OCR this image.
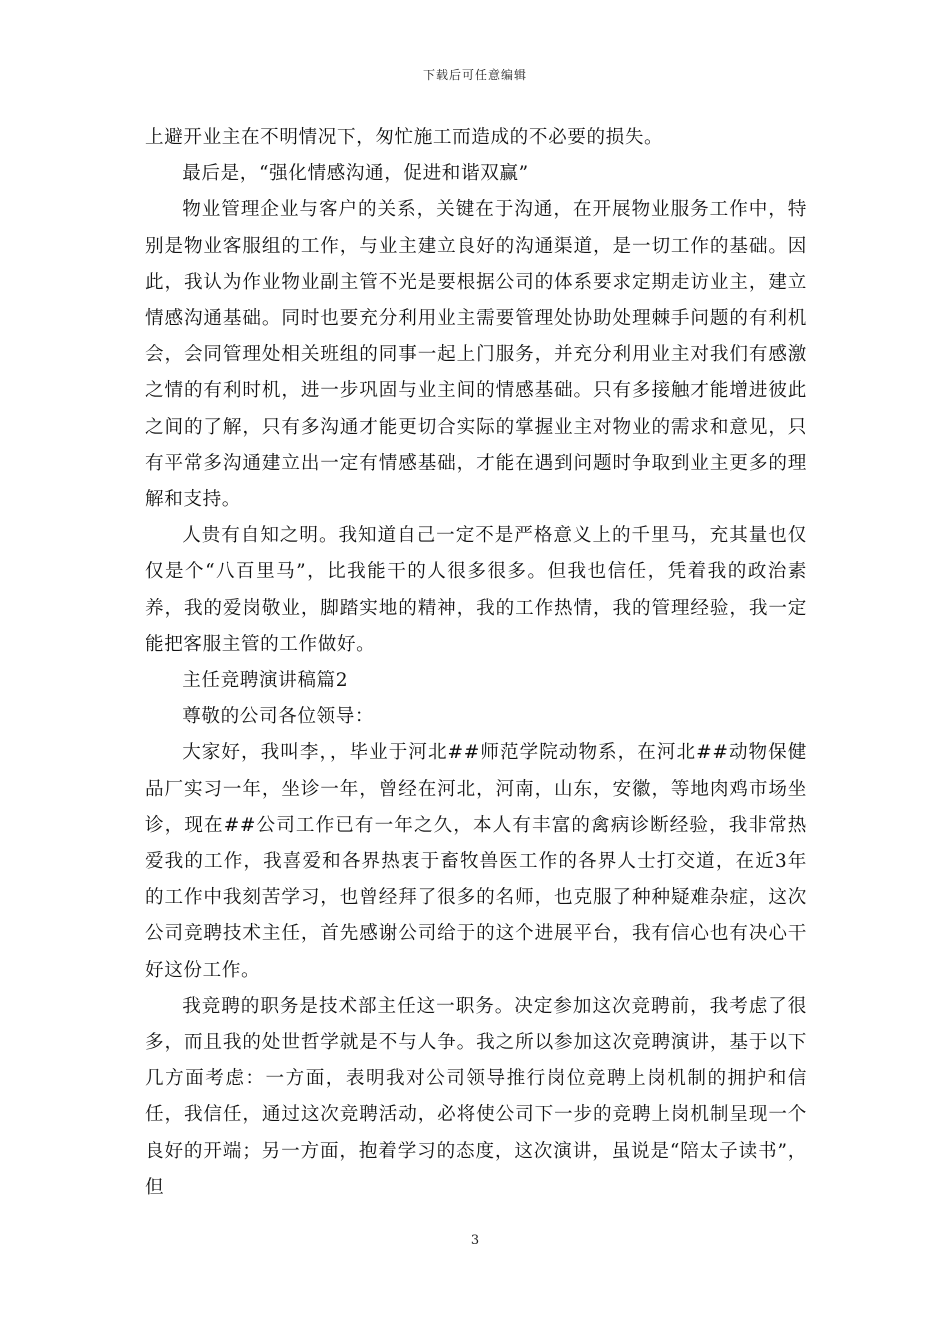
下载后可任意编辑

上避开业主在不明情况下，匆忙施工而造成的不必要的损失。

最后是，“强化情感沟通，促进和谐双赢”

物业管理企业与客户的关系，关键在于沟通，在开展物业服务工作中，特别是物业客服组的工作，与业主建立良好的沟通渠道，是一切工作的基础。因此，我认为作业物业副主管不光是要根据公司的体系要求定期走访业主，建立情感沟通基础。同时也要充分利用业主需要管理处协助处理棘手问题的有利机会，会同管理处相关班组的同事一起上门服务，并充分利用业主对我们有感激之情的有利时机，进一步巩固与业主间的情感基础。只有多接触才能增进彼此之间的了解，只有多沟通才能更切合实际的掌握业主对物业的需求和意见，只有平常多沟通建立出一定有情感基础，才能在遇到问题时争取到业主更多的理解和支持。

人贵有自知之明。我知道自己一定不是严格意义上的千里马，充其量也仅仅是个“八百里马”，比我能干的人很多很多。但我也信任，凭着我的政治素养，我的爱岗敬业，脚踏实地的精神，我的工作热情，我的管理经验，我一定能把客服主管的工作做好。

主任竞聘演讲稿篇2

尊敬的公司各位领导：

大家好，我叫李，，毕业于河北##师范学院动物系，在河北##动物保健品厂实习一年，坐诊一年，曾经在河北，河南，山东，安徽，等地肉鸡市场坐诊，现在##公司工作已有一年之久，本人有丰富的禽病诊断经验，我非常热爱我的工作，我喜爱和各界热衷于畜牧兽医工作的各界人士打交道，在近3年的工作中我刻苦学习，也曾经拜了很多的名师，也克服了种种疑难杂症，这次公司竞聘技术主任，首先感谢公司给于的这个进展平台，我有信心也有决心干好这份工作。

我竞聘的职务是技术部主任这一职务。决定参加这次竞聘前，我考虑了很多，而且我的处世哲学就是不与人争。我之所以参加这次竞聘演讲，基于以下几方面考虑：一方面，表明我对公司领导推行岗位竞聘上岗机制的拥护和信任，我信任，通过这次竞聘活动，必将使公司下一步的竞聘上岗机制呈现一个良好的开端；另一方面，抱着学习的态度，这次演讲，虽说是“陪太子读书”，但

3
